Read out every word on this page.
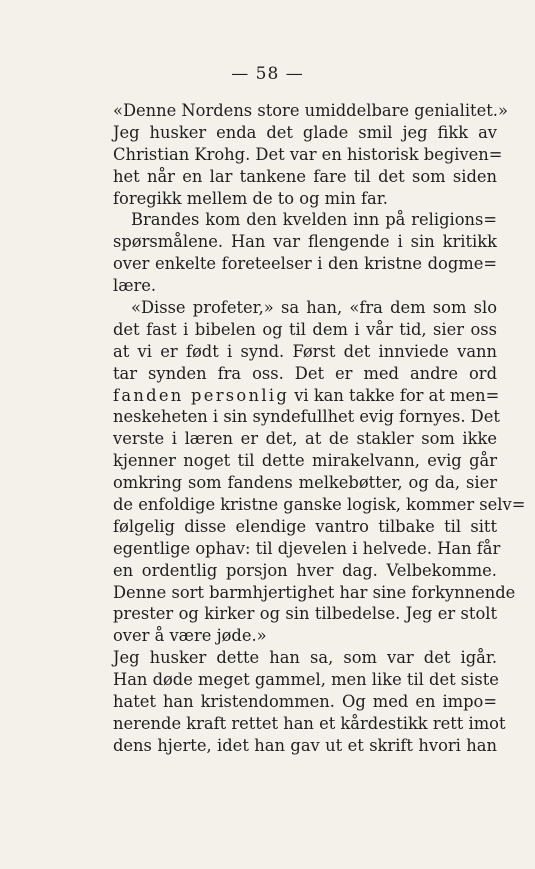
— 58 —
«Denne Nordens store umiddelbare genialitet.»
Jeg husker enda det glade smil jeg fikk av
Christian Krohg. Det var en historisk begiven=
het når en lar tankene fare til det som siden
foregikk mellem de to og min far.
Brandes kom den kvelden inn på religions=
spørsmålene. Han var flengende i sin kritikk
over enkelte foreteelser i den kristne dogme=
lære.
«Disse profeter,» sa han, «fra dem som slo
det fast i bibelen og til dem i vår tid, sier oss
at vi er født i synd. Først det innviede vann
tar synden fra oss. Det er med andre ord
fanden personlig vi kan takke for at men=
neskeheten i sin syndefullhet evig fornyes. Det
verste i læren er det, at de stakler som ikke
kjenner noget til dette mirakelvann, evig går
omkring som fandens melkebøtter, og da, sier
de enfoldige kristne ganske logisk, kommer selv=
følgelig disse elendige vantro tilbake til sitt
egentlige ophav: til djevelen i helvede. Han får
en ordentlig porsjon hver dag. Velbekomme.
Denne sort barmhjertighet har sine forkynnende
prester og kirker og sin tilbedelse. Jeg er stolt
over å være jøde.»
Jeg husker dette han sa, som var det igår.
Han døde meget gammel, men like til det siste
hatet han kristendommen. Og med en impo=
nerende kraft rettet han et kårdestikk rett imot
dens hjerte, idet han gav ut et skrift hvori han
